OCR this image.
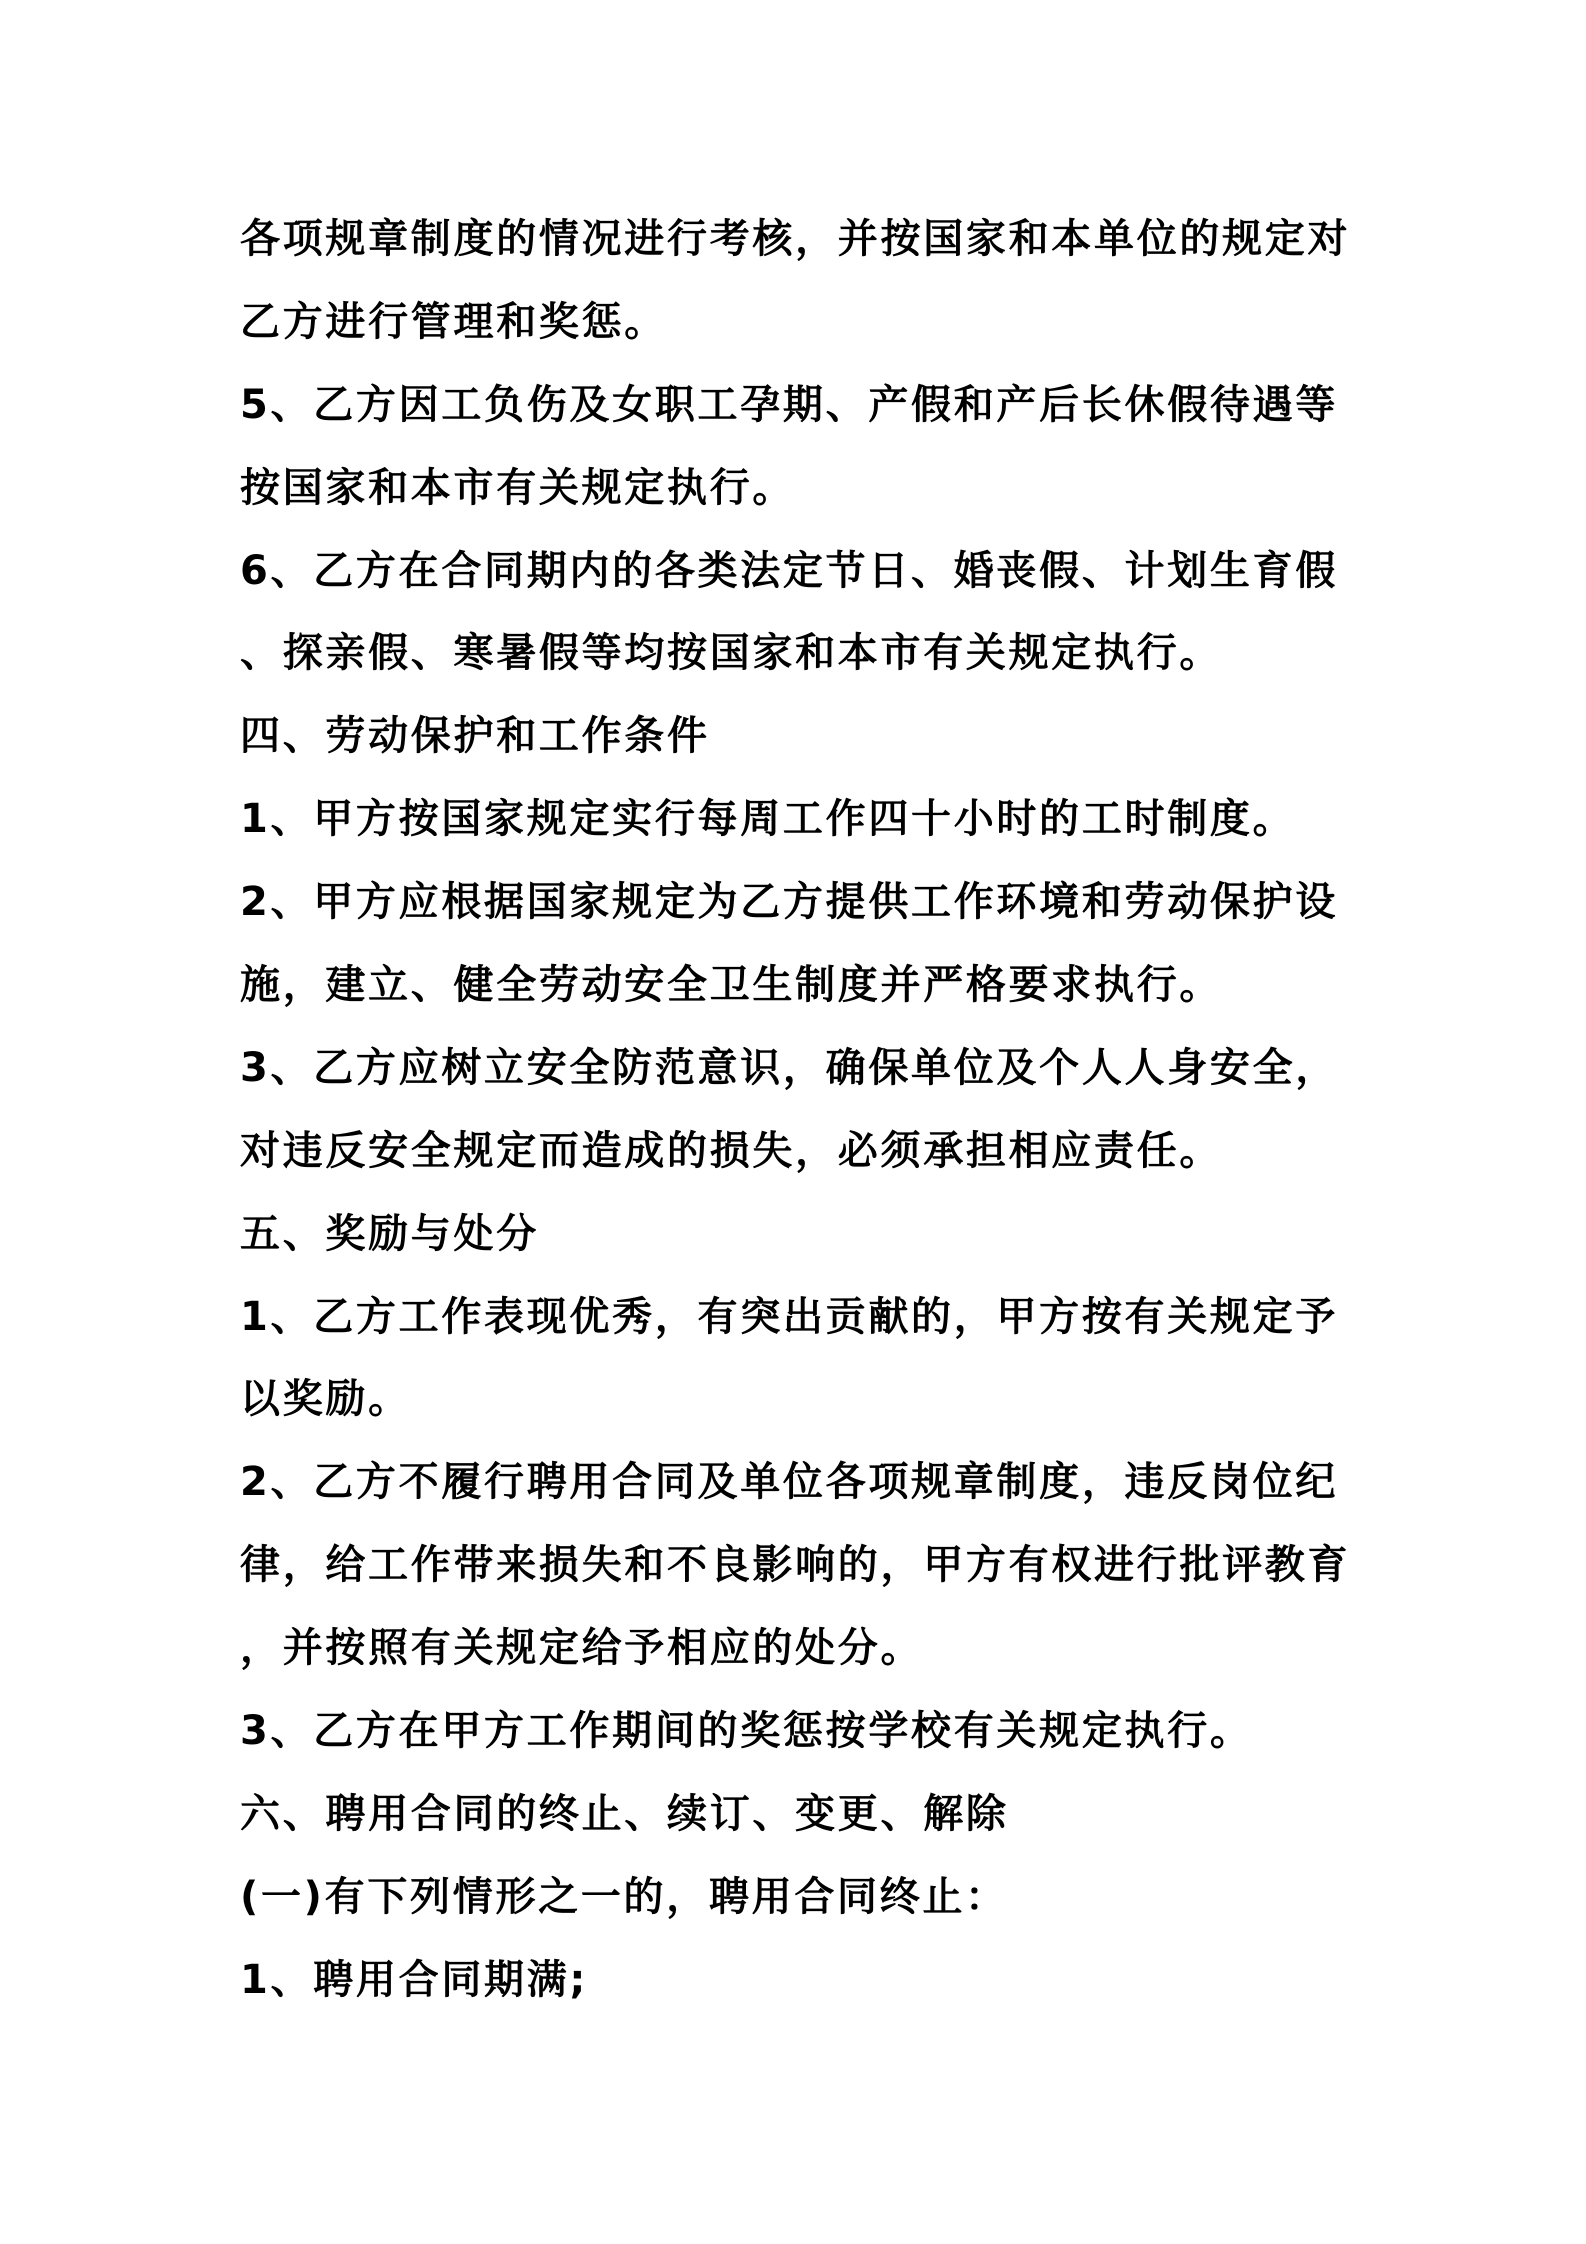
各项规章制度的情况进行考核，并按国家和本单位的规定对
乙方进行管理和奖惩。
5、乙方因工负伤及女职工孕期、产假和产后长休假待遇等
按国家和本市有关规定执行。
6、乙方在合同期内的各类法定节日、婚丧假、计划生育假
、探亲假、寒暑假等均按国家和本市有关规定执行。
四、劳动保护和工作条件
1、甲方按国家规定实行每周工作四十小时的工时制度。
2、甲方应根据国家规定为乙方提供工作环境和劳动保护设
施，建立、健全劳动安全卫生制度并严格要求执行。
3、乙方应树立安全防范意识，确保单位及个人人身安全，
对违反安全规定而造成的损失，必须承担相应责任。
五、奖励与处分
1、乙方工作表现优秀，有突出贡献的，甲方按有关规定予
以奖励。
2、乙方不履行聘用合同及单位各项规章制度，违反岗位纪
律，给工作带来损失和不良影响的，甲方有权进行批评教育
，并按照有关规定给予相应的处分。
3、乙方在甲方工作期间的奖惩按学校有关规定执行。
六、聘用合同的终止、续订、变更、解除
(一)有下列情形之一的，聘用合同终止：
1、聘用合同期满;
